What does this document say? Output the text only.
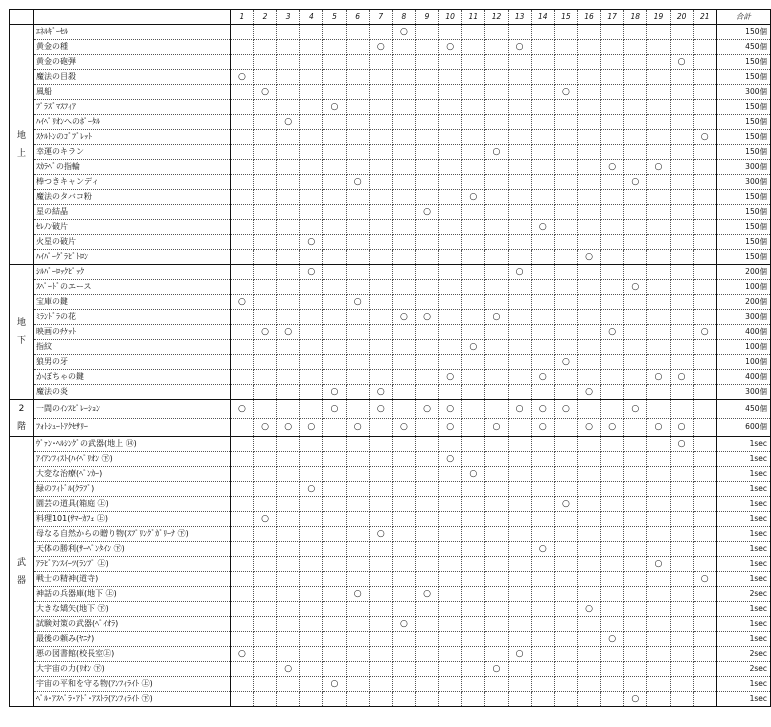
		1	2	3	4	5	6	7	8	9	10	11	12	13	14	15	16	17	18	19	20	21	合計

地
上	ｴﾈﾙｷﾞｰｾﾙ								○														150個
	黄金の種							○			○			○									450個
	黄金の砲弾																				○		150個
	魔法の目殺	○																					150個
	風船		○													○							300個
	ﾌﾟﾗｽﾞﾏｽﾌｨｱ					○																	150個
	ﾊｲﾍﾟﾘｵﾝへのﾎﾟｰﾀﾙ			○																			150個
	ｽｹﾙﾄﾝのｺﾞﾌﾞﾚｯﾄ																					○	150個
	幸運のキラン												○										150個
	ｽｶﾗﾍﾞの指輪																	○		○			300個
	棒つきキャンディ						○												○				300個
	魔法のタバコ粉											○											150個
	星の結晶									○													150個
	ｾﾚﾉﾝ破片														○								150個
	火星の破片				○																		150個
	ﾊｲﾊﾟｰｸﾞﾗﾋﾞﾄﾛﾝ																○						150個

地
下	ｼﾙﾊﾞｰﾛｯｸﾋﾟｯｸ				○									○									200個
	ｽﾍﾟｰﾄﾞのエース																		○				100個
	宝庫の鍵	○					○																200個
	ﾐﾗﾝﾄﾞﾗの花								○	○			○										300個
	映画のﾁｹｯﾄ		○	○														○				○	400個
	指紋											○											100個
	狼男の牙															○							100個
	かぼちゃの鍵										○				○					○	○		400個
	魔法の炎					○		○									○						300個

2
階	一間のｲﾝｽﾋﾟﾚｰｼｮﾝ	○				○		○		○	○			○	○	○			○				450個
	ﾌｫﾄｼｭｰﾄｱｸｾｻﾘｰ		○	○	○		○		○		○		○		○		○	○		○	○		600個

武
器	ｳﾞｧﾝ･ﾍﾙｼﾝｸﾞの武器(地上 ⑭)																				○		1sec
	ｱｲｱﾝﾌｨｽﾄ(ﾊｲﾍﾟﾘｵﾝ ㊦)										○												1sec
	大変な治療(ﾍﾟﾝｶｰ)											○											1sec
	緑のﾌｨﾄﾞﾙ(ｸﾗﾌﾞ)				○																		1sec
	園芸の道具(箱庭 ㊤)															○							1sec
	料理101(ｻﾏｰｶﾌｪ ㊤)		○																				1sec
	母なる自然からの贈り物(ｽﾌﾟﾘﾝｸﾞｶﾞﾘｰﾅ ㊦)							○															1sec
	天体の勝利(ｻｰﾍﾟﾝﾀｲﾝ ㊦)														○								1sec
	ｱﾗﾋﾞｱﾝｽｲｰﾂ(ﾗﾝﾌﾟ ㊤)																			○			1sec
	戦士の精神(道寺)																					○	1sec
	神話の兵器庫(地下 ㊤)						○			○													2sec
	大きな矯矢(地下 ㊦)																○						1sec
	試験対策の武器(ﾍﾟｲｵﾗ)								○														1sec
	最後の頼み(ﾔﾆﾅ)																	○					1sec
	悪の図書館(校長室㊤)	○												○									2sec
	大宇宙の力(ﾘｵﾝ ㊦)			○									○										2sec
	宇宙の平和を守る物(ｱﾝﾌｨﾗｲﾄ ㊤)					○																	1sec
	ﾍﾟﾙ･ｱｽﾍﾟﾗ･ｱﾄﾞ･ｱｽﾄﾗ(ｱﾝﾌｨﾗｲﾄ ㊦)																		○				1sec
